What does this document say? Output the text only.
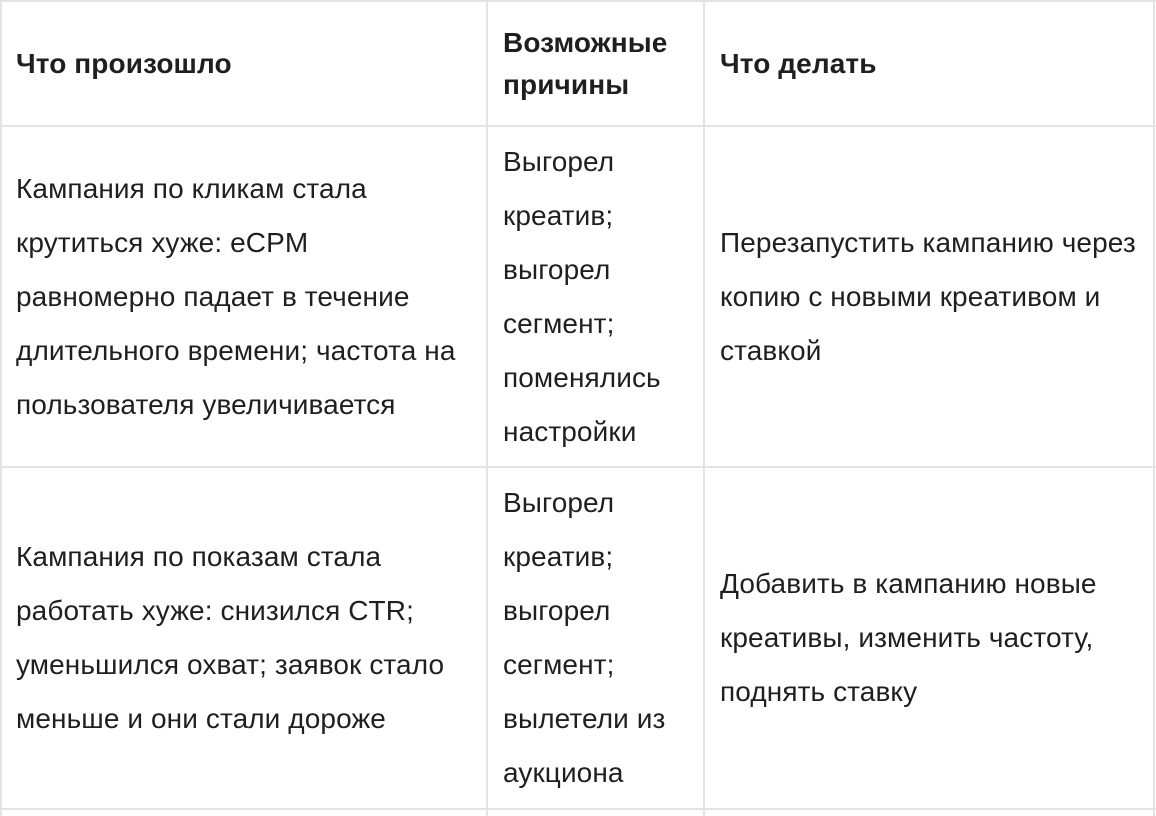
Что произошло
Возможные причины
Что делать
Кампания по кликам стала крутиться хуже: eCPM равномерно падает в течение длительного времени; частота на пользователя увеличивается
Выгорел креатив; выгорел сегмент; поменялись настройки
Перезапустить кампанию через копию с новыми креативом и ставкой
Кампания по показам стала работать хуже: снизился CTR; уменьшился охват; заявок стало меньше и они стали дороже
Выгорел креатив; выгорел сегмент; вылетели из аукциона
Добавить в кампанию новые креативы, изменить частоту, поднять ставку
